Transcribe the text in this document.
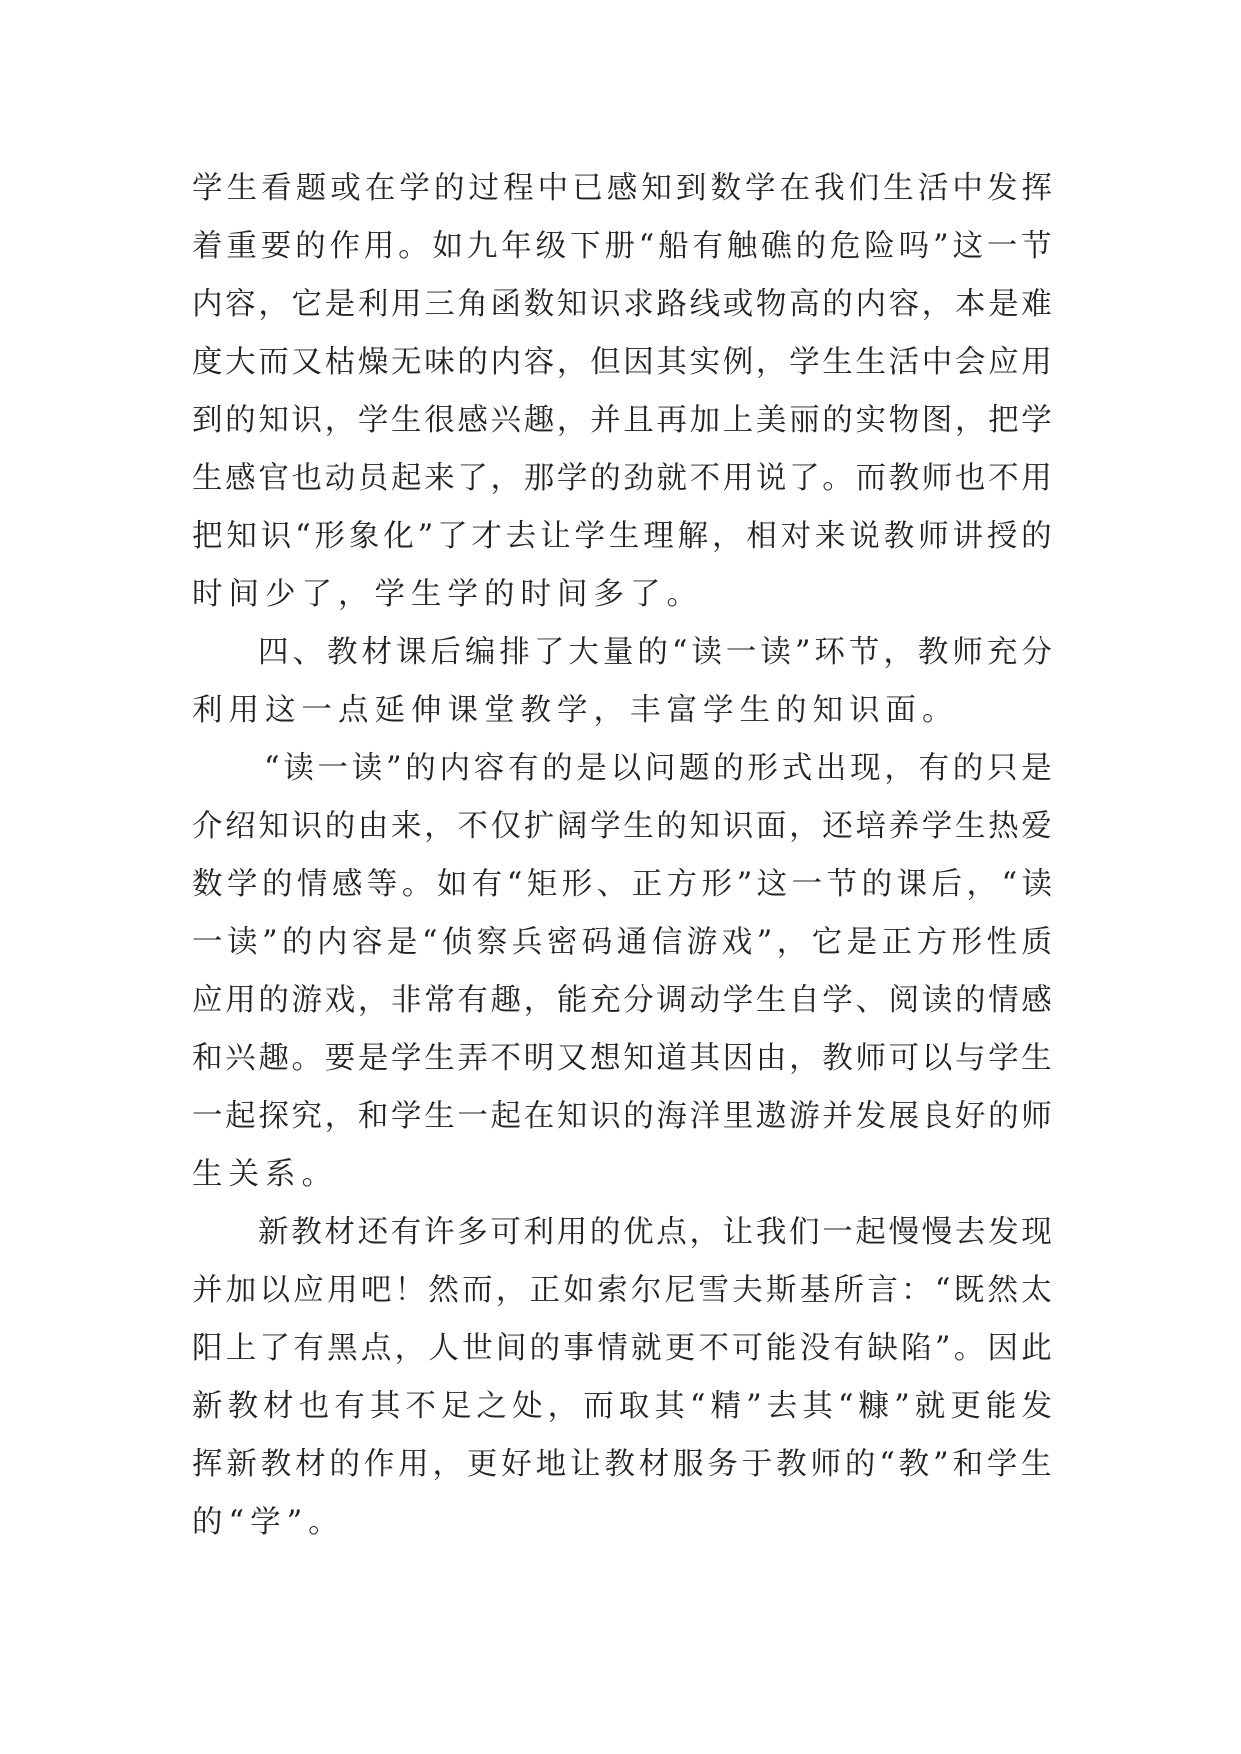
学 生 看 题 或 在 学 的 过 程 中 已 感 知 到 数 学 在 我 们 生 活 中 发 挥
着 重 要 的 作 用 。 如 九 年 级 下 册 “ 船 有 触 礁 的 危 险 吗 ” 这 一 节
内 容 ， 它 是 利 用 三 角 函 数 知 识 求 路 线 或 物 高 的 内 容 ， 本 是 难
度 大 而 又 枯 燥 无 味 的 内 容 ， 但 因 其 实 例 ， 学 生 生 活 中 会 应 用
到 的 知 识 ， 学 生 很 感 兴 趣 ， 并 且 再 加 上 美 丽 的 实 物 图 ， 把 学
生 感 官 也 动 员 起 来 了 ， 那 学 的 劲 就 不 用 说 了 。 而 教 师 也 不 用
把 知 识 “ 形 象 化 ” 了 才 去 让 学 生 理 解 ， 相 对 来 说 教 师 讲 授 的
时间少了，学生学的时间多了。
四 、 教 材 课 后 编 排 了 大 量 的 “ 读 一 读 ” 环 节 ， 教 师 充 分
利用这一点延伸课堂教学，丰富学生的知识面。
“ 读 一 读 ” 的 内 容 有 的 是 以 问 题 的 形 式 出 现 ， 有 的 只 是
介 绍 知 识 的 由 来 ， 不 仅 扩 阔 学 生 的 知 识 面 ， 还 培 养 学 生 热 爱
数 学 的 情 感 等 。 如 有 “ 矩 形 、 正 方 形 ” 这 一 节 的 课 后 ， “ 读
一 读 ” 的 内 容 是 “ 侦 察 兵 密 码 通 信 游 戏 ” ， 它 是 正 方 形 性 质
应 用 的 游 戏 ， 非 常 有 趣 ， 能 充 分 调 动 学 生 自 学 、 阅 读 的 情 感
和 兴 趣 。 要 是 学 生 弄 不 明 又 想 知 道 其 因 由 ， 教 师 可 以 与 学 生
一 起 探 究 ， 和 学 生 一 起 在 知 识 的 海 洋 里 遨 游 并 发 展 良 好 的 师
生关系。
新 教 材 还 有 许 多 可 利 用 的 优 点 ， 让 我 们 一 起 慢 慢 去 发 现
并 加 以 应 用 吧 ！ 然 而 ， 正 如 索 尔 尼 雪 夫 斯 基 所 言 ： “ 既 然 太
阳 上 了 有 黑 点 ， 人 世 间 的 事 情 就 更 不 可 能 没 有 缺 陷 ” 。 因 此
新 教 材 也 有 其 不 足 之 处 ， 而 取 其 “ 精 ” 去 其 “ 糠 ” 就 更 能 发
挥 新 教 材 的 作 用 ， 更 好 地 让 教 材 服 务 于 教 师 的 “ 教 ” 和 学 生
的“学”。
